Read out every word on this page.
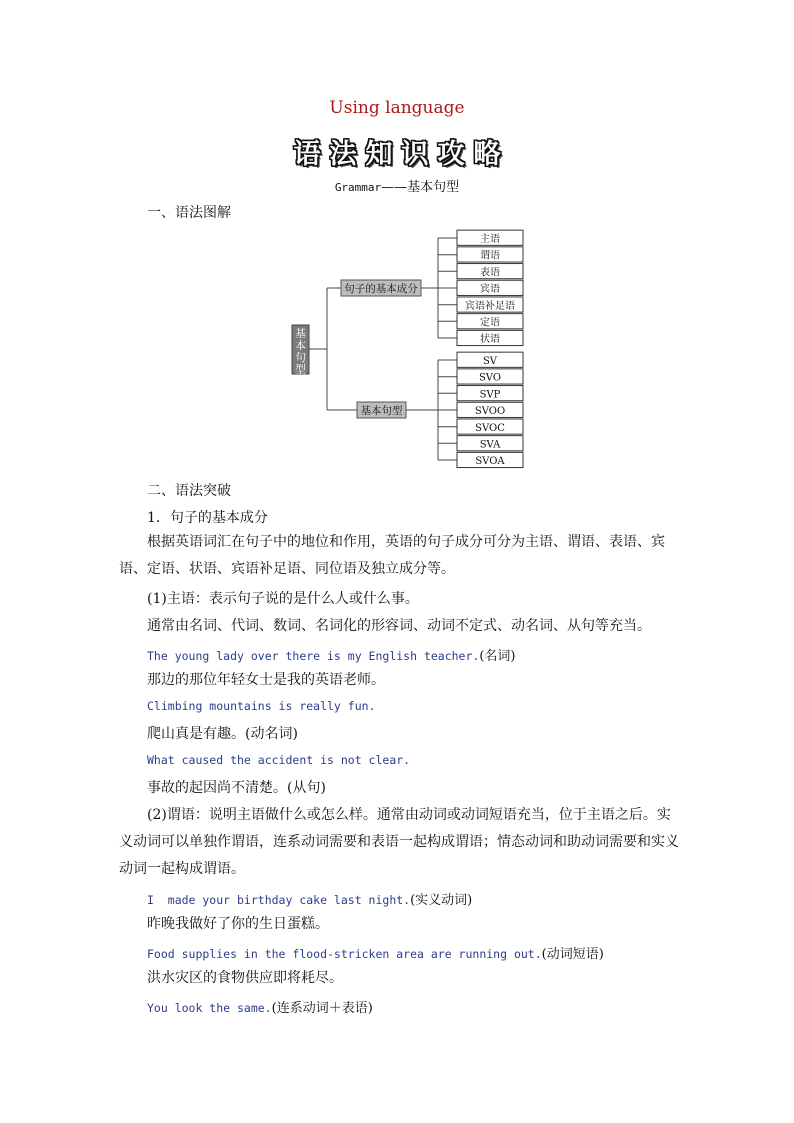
Using language
语 法 知 识 攻 略
Grammar——基本句型
一、语法图解
基
本
句
型
句子的基本成分
基本句型
主语
谓语
表语
宾语
宾语补足语
定语
状语
SV
SVO
SVP
SVOO
SVOC
SVA
SVOA
二、语法突破
1．句子的基本成分
根据英语词汇在句子中的地位和作用，英语的句子成分可分为主语、谓语、表语、宾语、定语、状语、宾语补足语、同位语及独立成分等。
(1)主语：表示句子说的是什么人或什么事。
通常由名词、代词、数词、名词化的形容词、动词不定式、动名词、从句等充当。
The young lady over there is my English teacher.(名词)
那边的那位年轻女士是我的英语老师。
Climbing mountains is really fun.
爬山真是有趣。(动名词)
What caused the accident is not clear.
事故的起因尚不清楚。(从句)
(2)谓语：说明主语做什么或怎么样。通常由动词或动词短语充当，位于主语之后。实义动词可以单独作谓语，连系动词需要和表语一起构成谓语；情态动词和助动词需要和实义动词一起构成谓语。
I  made your birthday cake last night.(实义动词)
昨晚我做好了你的生日蛋糕。
Food supplies in the flood-stricken area are running out.(动词短语)
洪水灾区的食物供应即将耗尽。
You look the same.(连系动词＋表语)
